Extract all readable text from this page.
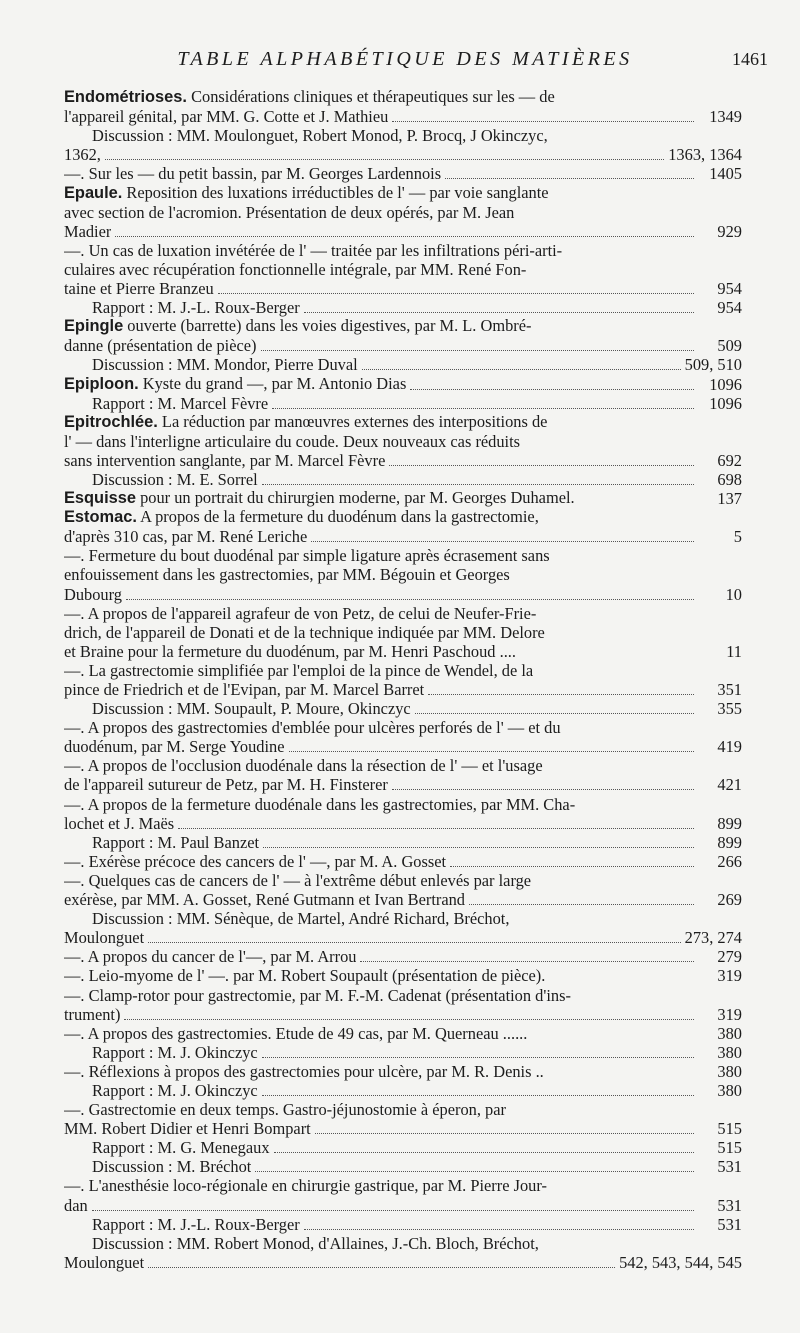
TABLE ALPHABÉTIQUE DES MATIÈRES	1461
Endométrioses. Considérations cliniques et thérapeutiques sur les — de
l'appareil génital, par MM. G. Cotte et J. Mathieu	1349
Discussion : MM. Moulonguet, Robert Monod, P. Brocq, J Okinczyc,
1362,	1363, 1364
—. Sur les — du petit bassin, par M. Georges Lardennois	1405
Epaule. Reposition des luxations irréductibles de l' — par voie sanglante
avec section de l'acromion. Présentation de deux opérés, par M. Jean
Madier	929
—. Un cas de luxation invétérée de l' — traitée par les infiltrations péri-arti-
culaires avec récupération fonctionnelle intégrale, par MM. René Fon-
taine et Pierre Branzeu	954
Rapport : M. J.-L. Roux-Berger	954
Epingle ouverte (barrette) dans les voies digestives, par M. L. Ombré-
danne (présentation de pièce)	509
Discussion : MM. Mondor, Pierre Duval	509, 510
Epiploon. Kyste du grand —, par M. Antonio Dias	1096
Rapport : M. Marcel Fèvre	1096
Epitrochlée. La réduction par manœuvres externes des interpositions de
l' — dans l'interligne articulaire du coude. Deux nouveaux cas réduits
sans intervention sanglante, par M. Marcel Fèvre	692
Discussion : M. E. Sorrel	698
Esquisse pour un portrait du chirurgien moderne, par M. Georges Duhamel.	137
Estomac. A propos de la fermeture du duodénum dans la gastrectomie,
d'après 310 cas, par M. René Leriche	5
—. Fermeture du bout duodénal par simple ligature après écrasement sans
enfouissement dans les gastrectomies, par MM. Bégouin et Georges
Dubourg	10
—. A propos de l'appareil agrafeur de von Petz, de celui de Neufer-Frie-
drich, de l'appareil de Donati et de la technique indiquée par MM. Delore
et Braine pour la fermeture du duodénum, par M. Henri Paschoud ....	11
—. La gastrectomie simplifiée par l'emploi de la pince de Wendel, de la
pince de Friedrich et de l'Evipan, par M. Marcel Barret	351
Discussion : MM. Soupault, P. Moure, Okinczyc	355
—. A propos des gastrectomies d'emblée pour ulcères perforés de l' — et du
duodénum, par M. Serge Youdine	419
—. A propos de l'occlusion duodénale dans la résection de l' — et l'usage
de l'appareil sutureur de Petz, par M. H. Finsterer	421
—. A propos de la fermeture duodénale dans les gastrectomies, par MM. Cha-
lochet et J. Maës	899
Rapport : M. Paul Banzet	899
—. Exérèse précoce des cancers de l' —, par M. A. Gosset	266
—. Quelques cas de cancers de l' — à l'extrême début enlevés par large
exérèse, par MM. A. Gosset, René Gutmann et Ivan Bertrand	269
Discussion : MM. Sénèque, de Martel, André Richard, Bréchot,
Moulonguet	273, 274
—. A propos du cancer de l'—, par M. Arrou	279
—. Leio-myome de l' —. par M. Robert Soupault (présentation de pièce).	319
—. Clamp-rotor pour gastrectomie, par M. F.-M. Cadenat (présentation d'ins-
trument)	319
—. A propos des gastrectomies. Etude de 49 cas, par M. Querneau ......	380
Rapport : M. J. Okinczyc	380
—. Réflexions à propos des gastrectomies pour ulcère, par M. R. Denis ..	380
Rapport : M. J. Okinczyc	380
—. Gastrectomie en deux temps. Gastro-jéjunostomie à éperon, par
MM. Robert Didier et Henri Bompart	515
Rapport : M. G. Menegaux	515
Discussion : M. Bréchot	531
—. L'anesthésie loco-régionale en chirurgie gastrique, par M. Pierre Jour-
dan	531
Rapport : M. J.-L. Roux-Berger	531
Discussion : MM. Robert Monod, d'Allaines, J.-Ch. Bloch, Bréchot,
Moulonguet	542, 543, 544, 545
